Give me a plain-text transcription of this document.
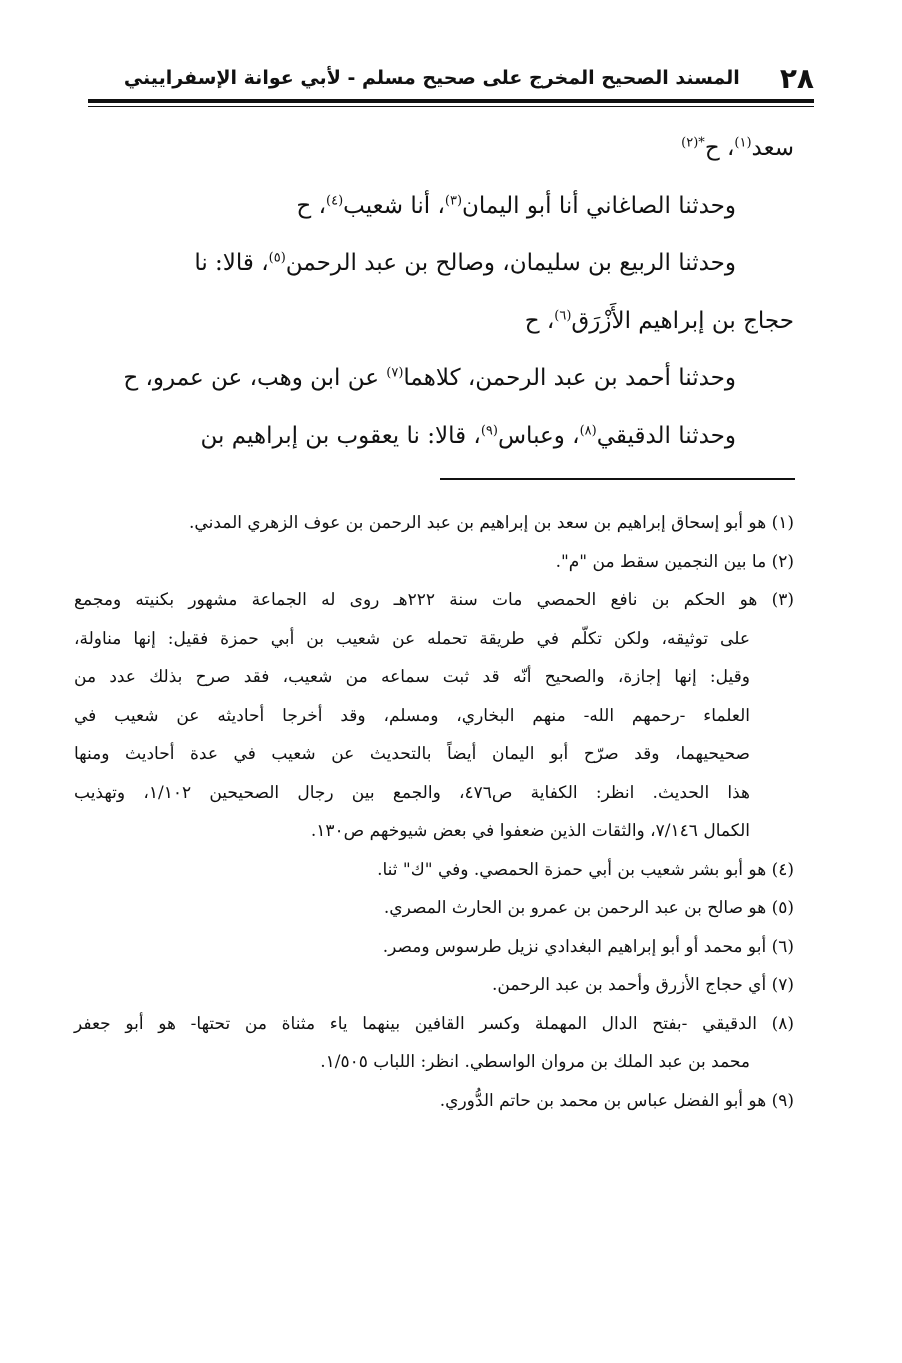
٢٨
المسند الصحيح المخرج على صحيح مسلم - لأبي عوانة الإسفراييني
سعد$^{(١)}$، ح$^{*(٢)}$
وحدثنا الصاغاني أنا أبو اليمان$^{(٣)}$، أنا شعيب$^{(٤)}$، ح
وحدثنا الربيع بن سليمان، وصالح بن عبد الرحمن$^{(٥)}$، قالا: نا
حجاج بن إبراهيم الأَزْرَق$^{(٦)}$، ح
وحدثنا أحمد بن عبد الرحمن، كلاهما$^{(٧)}$ عن ابن وهب، عن عمرو، ح
وحدثنا الدقيقي$^{(٨)}$، وعباس$^{(٩)}$، قالا: نا يعقوب بن إبراهيم بن
(١) هو أبو إسحاق إبراهيم بن سعد بن إبراهيم بن عبد الرحمن بن عوف الزهري المدني.
(٢) ما بين النجمين سقط من "م".
(٣) هو الحكم بن نافع الحمصي مات سنة ٢٢٢هـ روى له الجماعة مشهور بكنيته ومجمع
على توثيقه، ولكن تكلّم في طريقة تحمله عن شعيب بن أبي حمزة فقيل: إنها مناولة،
وقيل: إنها إجازة، والصحيح أنّه قد ثبت سماعه من شعيب، فقد صرح بذلك عدد من
العلماء -رحمهم الله- منهم البخاري، ومسلم، وقد أخرجا أحاديثه عن شعيب في
صحيحيهما، وقد صرّح أبو اليمان أيضاً بالتحديث عن شعيب في عدة أحاديث ومنها
هذا الحديث. انظر: الكفاية ص٤٧٦، والجمع بين رجال الصحيحين ١/١٠٢، وتهذيب
الكمال ٧/١٤٦، والثقات الذين ضعفوا في بعض شيوخهم ص١٣٠.
(٤) هو أبو بشر شعيب بن أبي حمزة الحمصي. وفي "ك" ثنا.
(٥) هو صالح بن عبد الرحمن بن عمرو بن الحارث المصري.
(٦) أبو محمد أو أبو إبراهيم البغدادي نزيل طرسوس ومصر.
(٧) أي حجاج الأزرق وأحمد بن عبد الرحمن.
(٨) الدقيقي -بفتح الدال المهملة وكسر القافين بينهما ياء مثناة من تحتها- هو أبو جعفر
محمد بن عبد الملك بن مروان الواسطي. انظر: اللباب ١/٥٠٥.
(٩) هو أبو الفضل عباس بن محمد بن حاتم الدُّوري.
